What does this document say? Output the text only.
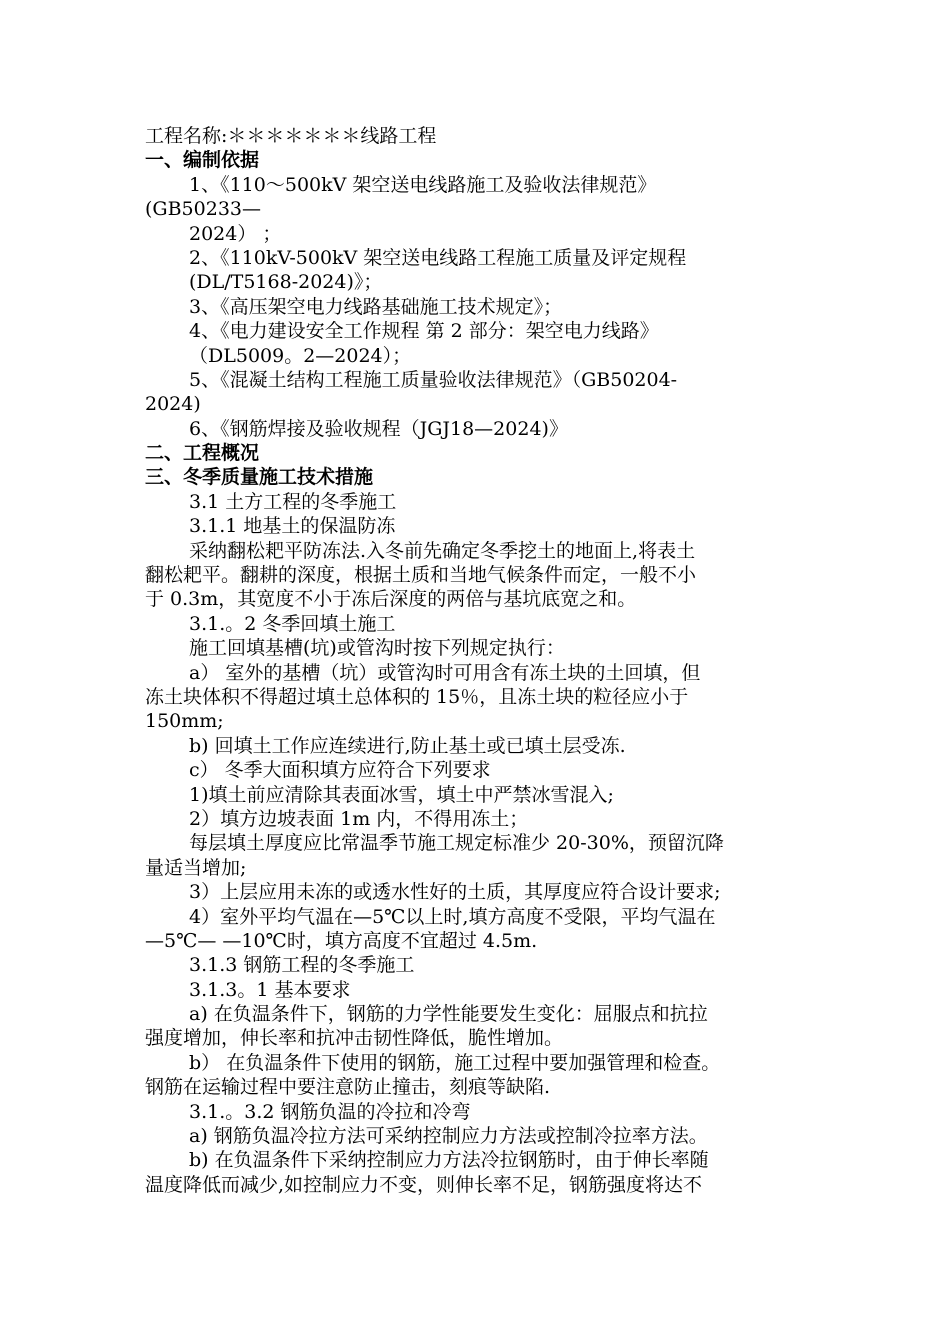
工程名称:＊＊＊＊＊＊＊线路工程
一、编制依据
1、《110～500kV 架空送电线路施工及验收法律规范》
(GB50233—
2024） ；
2、《110kV-500kV 架空送电线路工程施工质量及评定规程
(DL/T5168-2024)》；
3、《高压架空电力线路基础施工技术规定》；
4、《电力建设安全工作规程 第 2 部分：架空电力线路》
（DL5009。2—2024）；
5、《混凝土结构工程施工质量验收法律规范》（GB50204-
2024)
6、《钢筋焊接及验收规程（JGJ18—2024)》
二、工程概况
三、冬季质量施工技术措施
3.1 土方工程的冬季施工
3.1.1 地基土的保温防冻
采纳翻松耙平防冻法.入冬前先确定冬季挖土的地面上,将表土
翻松耙平。翻耕的深度，根据土质和当地气候条件而定，一般不小
于 0.3m，其宽度不小于冻后深度的两倍与基坑底宽之和。
3.1.。2 冬季回填土施工
施工回填基槽(坑)或管沟时按下列规定执行：
a） 室外的基槽（坑）或管沟时可用含有冻土块的土回填，但
冻土块体积不得超过填土总体积的 15％，且冻土块的粒径应小于
150mm;
b) 回填土工作应连续进行,防止基土或已填土层受冻.
c） 冬季大面积填方应符合下列要求
1)填土前应清除其表面冰雪，填土中严禁冰雪混入;
2）填方边坡表面 1m 内，不得用冻土；
每层填土厚度应比常温季节施工规定标准少 20-30%，预留沉降
量适当增加;
3）上层应用未冻的或透水性好的土质，其厚度应符合设计要求;
4）室外平均气温在—5℃以上时,填方高度不受限，平均气温在
—5℃— —10℃时，填方高度不宜超过 4.5m.
3.1.3 钢筋工程的冬季施工
3.1.3。1 基本要求
a) 在负温条件下，钢筋的力学性能要发生变化：屈服点和抗拉
强度增加，伸长率和抗冲击韧性降低，脆性增加。
b） 在负温条件下使用的钢筋，施工过程中要加强管理和检查。
钢筋在运输过程中要注意防止撞击，刻痕等缺陷.
3.1.。3.2 钢筋负温的冷拉和冷弯
a) 钢筋负温冷拉方法可采纳控制应力方法或控制冷拉率方法。
b) 在负温条件下采纳控制应力方法冷拉钢筋时，由于伸长率随
温度降低而减少,如控制应力不变，则伸长率不足，钢筋强度将达不
